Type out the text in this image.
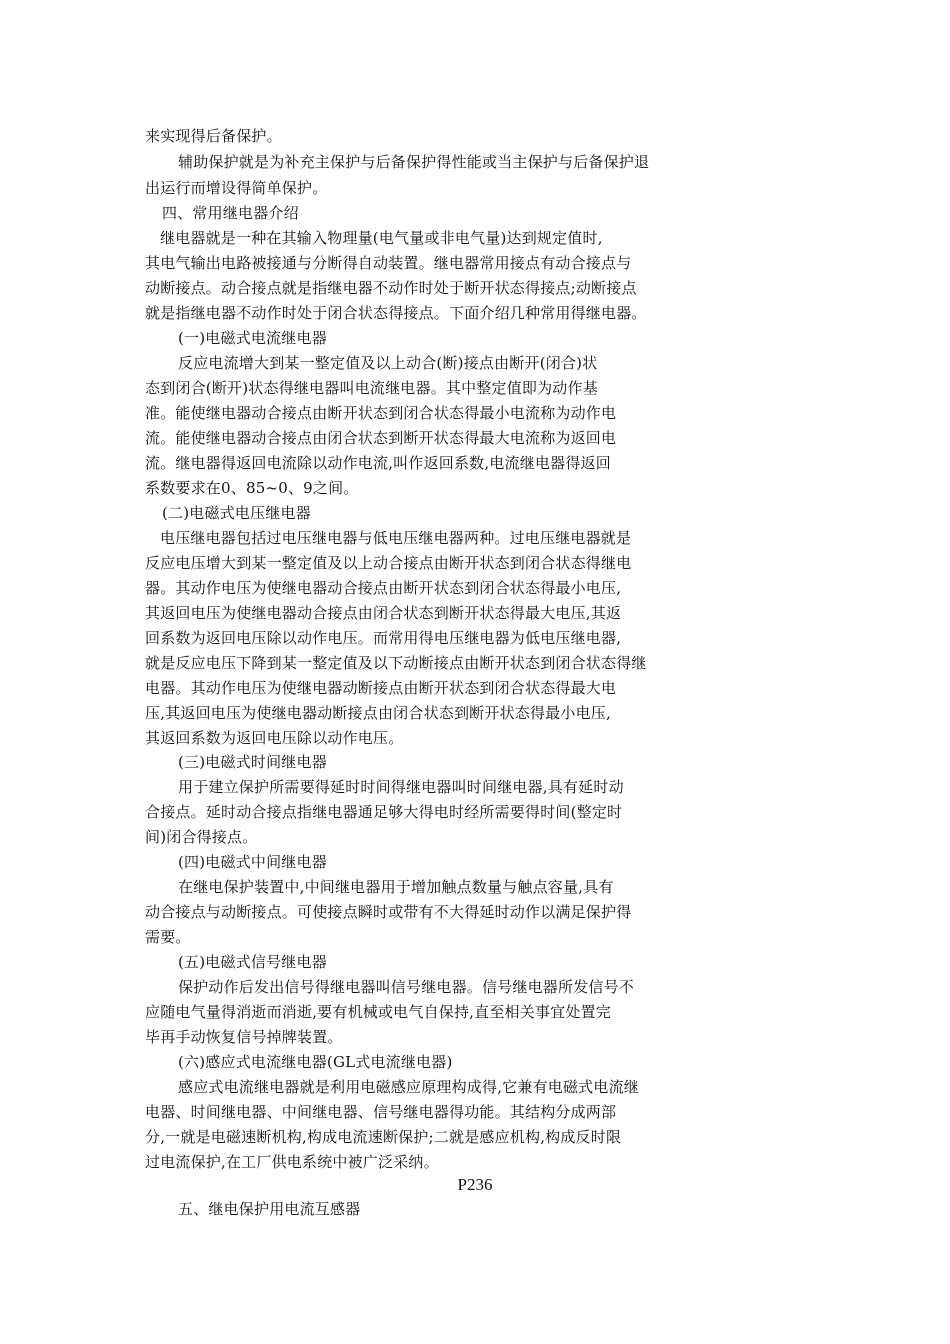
来实现得后备保护。
辅助保护就是为补充主保护与后备保护得性能或当主保护与后备保护退
出运行而增设得简单保护。
四、常用继电器介绍
继电器就是一种在其输入物理量(电气量或非电气量)达到规定值时,
其电气输出电路被接通与分断得自动装置。继电器常用接点有动合接点与
动断接点。动合接点就是指继电器不动作时处于断开状态得接点;动断接点
就是指继电器不动作时处于闭合状态得接点。下面介绍几种常用得继电器。
(一)电磁式电流继电器
反应电流增大到某一整定值及以上动合(断)接点由断开(闭合)状
态到闭合(断开)状态得继电器叫电流继电器。其中整定值即为动作基
准。能使继电器动合接点由断开状态到闭合状态得最小电流称为动作电
流。能使继电器动合接点由闭合状态到断开状态得最大电流称为返回电
流。继电器得返回电流除以动作电流,叫作返回系数,电流继电器得返回
系数要求在0、85~0、9之间。
(二)电磁式电压继电器
电压继电器包括过电压继电器与低电压继电器两种。过电压继电器就是
反应电压增大到某一整定值及以上动合接点由断开状态到闭合状态得继电
器。其动作电压为使继电器动合接点由断开状态到闭合状态得最小电压,
其返回电压为使继电器动合接点由闭合状态到断开状态得最大电压,其返
回系数为返回电压除以动作电压。而常用得电压继电器为低电压继电器,
就是反应电压下降到某一整定值及以下动断接点由断开状态到闭合状态得继
电器。其动作电压为使继电器动断接点由断开状态到闭合状态得最大电
压,其返回电压为使继电器动断接点由闭合状态到断开状态得最小电压,
其返回系数为返回电压除以动作电压。
(三)电磁式时间继电器
用于建立保护所需要得延时时间得继电器叫时间继电器,具有延时动
合接点。延时动合接点指继电器通足够大得电时经所需要得时间(整定时
间)闭合得接点。
(四)电磁式中间继电器
在继电保护装置中,中间继电器用于增加触点数量与触点容量,具有
动合接点与动断接点。可使接点瞬时或带有不大得延时动作以满足保护得
需要。
(五)电磁式信号继电器
保护动作后发出信号得继电器叫信号继电器。信号继电器所发信号不
应随电气量得消逝而消逝,要有机械或电气自保持,直至相关事宜处置完
毕再手动恢复信号掉牌装置。
(六)感应式电流继电器(GL式电流继电器)
感应式电流继电器就是利用电磁感应原理构成得,它兼有电磁式电流继
电器、时间继电器、中间继电器、信号继电器得功能。其结构分成两部
分,一就是电磁速断机构,构成电流速断保护;二就是感应机构,构成反时限
过电流保护,在工厂供电系统中被广泛采纳。
P236
五、继电保护用电流互感器
